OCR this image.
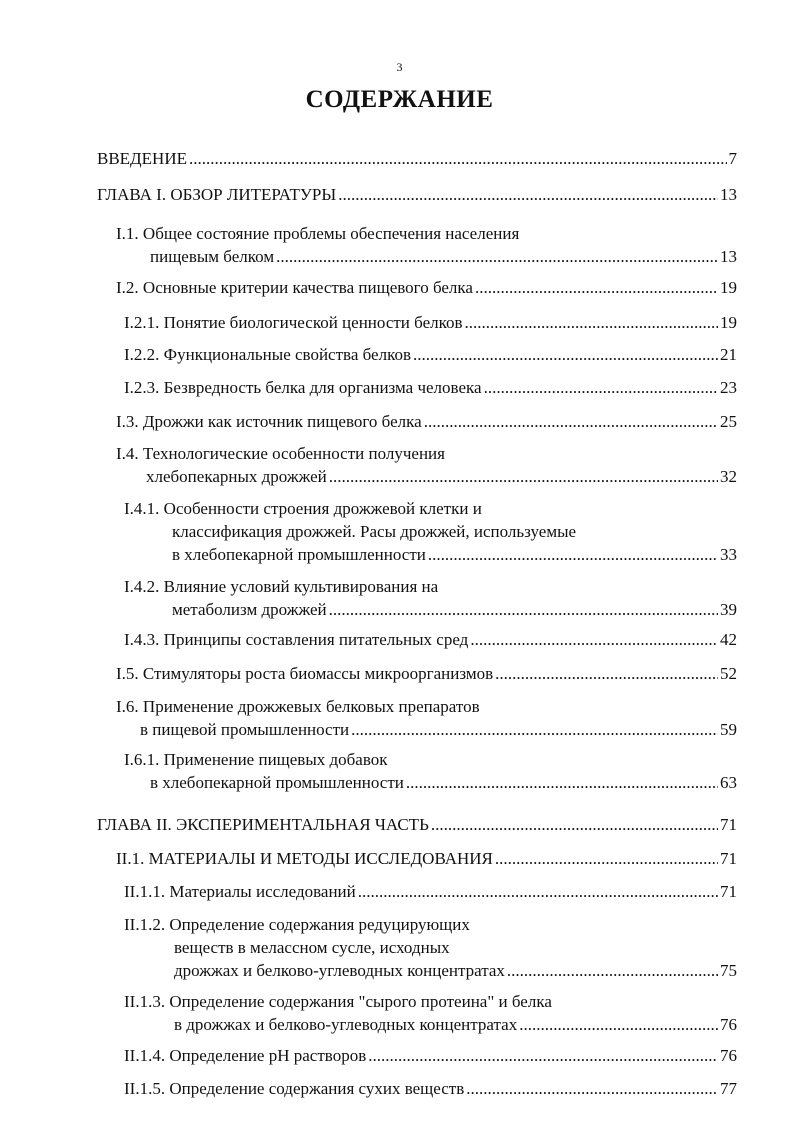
3
СОДЕРЖАНИЕ
ВВЕДЕНИЕ .....	7
ГЛАВА I. ОБЗОР ЛИТЕРАТУРЫ .....	13
I.1. Общее состояние проблемы обеспечения населения
пищевым белком .....	13
I.2. Основные критерии качества пищевого белка .....	19
I.2.1. Понятие биологической ценности белков .....	19
I.2.2. Функциональные свойства белков .....	21
I.2.3. Безвредность белка для организма человека .....	23
I.3. Дрожжи как источник пищевого белка .....	25
I.4. Технологические особенности получения
хлебопекарных дрожжей .....	32
I.4.1. Особенности строения дрожжевой клетки и
классификация дрожжей. Расы дрожжей, используемые
в хлебопекарной промышленности .....	33
I.4.2. Влияние условий культивирования на
метаболизм дрожжей .....	39
I.4.3. Принципы составления питательных сред .....	42
I.5. Стимуляторы роста биомассы микроорганизмов .....	52
I.6. Применение дрожжевых белковых препаратов
в пищевой промышленности .....	59
I.6.1. Применение пищевых добавок
в хлебопекарной промышленности .....	63
ГЛАВА II. ЭКСПЕРИМЕНТАЛЬНАЯ ЧАСТЬ .....	71
II.1. МАТЕРИАЛЫ И МЕТОДЫ ИССЛЕДОВАНИЯ .....	71
II.1.1. Материалы исследований .....	71
II.1.2. Определение содержания редуцирующих
веществ в мелассном сусле, исходных
дрожжах и белково-углеводных концентратах .....	75
II.1.3. Определение содержания "сырого протеина" и белка
в дрожжах и белково-углеводных концентратах .....	76
II.1.4. Определение pH растворов .....	76
II.1.5. Определение содержания сухих веществ .....	77
